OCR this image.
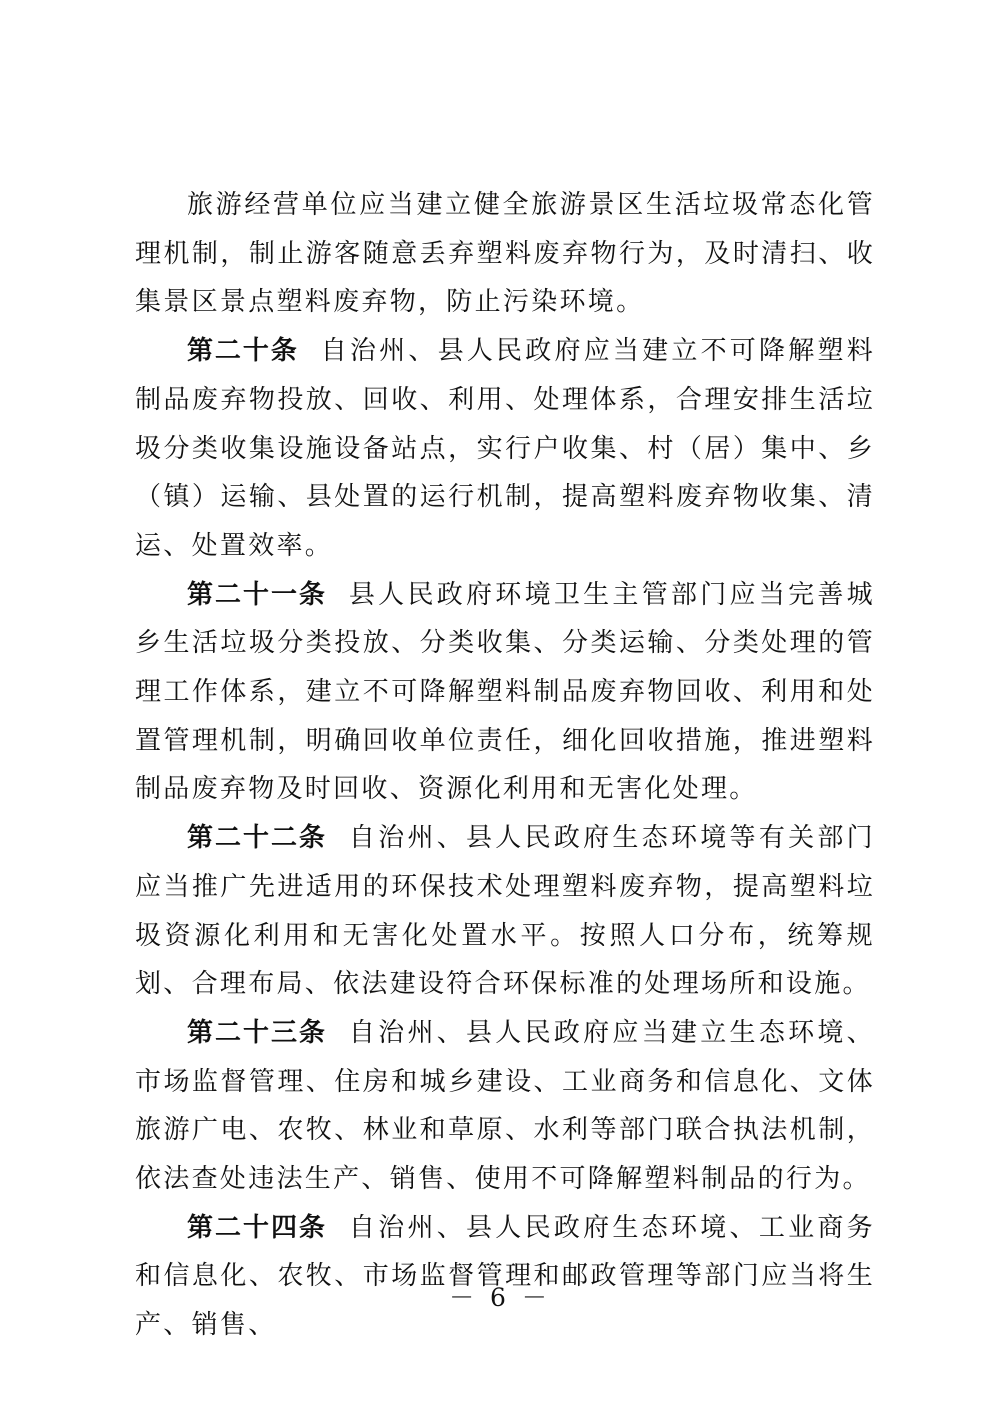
旅游经营单位应当建立健全旅游景区生活垃圾常态化管理机制，制止游客随意丢弃塑料废弃物行为，及时清扫、收集景区景点塑料废弃物，防止污染环境。

第二十条 自治州、县人民政府应当建立不可降解塑料制品废弃物投放、回收、利用、处理体系，合理安排生活垃圾分类收集设施设备站点，实行户收集、村（居）集中、乡（镇）运输、县处置的运行机制，提高塑料废弃物收集、清运、处置效率。

第二十一条 县人民政府环境卫生主管部门应当完善城乡生活垃圾分类投放、分类收集、分类运输、分类处理的管理工作体系，建立不可降解塑料制品废弃物回收、利用和处置管理机制，明确回收单位责任，细化回收措施，推进塑料制品废弃物及时回收、资源化利用和无害化处理。

第二十二条 自治州、县人民政府生态环境等有关部门应当推广先进适用的环保技术处理塑料废弃物，提高塑料垃圾资源化利用和无害化处置水平。按照人口分布，统筹规划、合理布局、依法建设符合环保标准的处理场所和设施。

第二十三条 自治州、县人民政府应当建立生态环境、市场监督管理、住房和城乡建设、工业商务和信息化、文体旅游广电、农牧、林业和草原、水利等部门联合执法机制，依法查处违法生产、销售、使用不可降解塑料制品的行为。

第二十四条 自治州、县人民政府生态环境、工业商务和信息化、农牧、市场监督管理和邮政管理等部门应当将生产、销售、

－ 6 －
